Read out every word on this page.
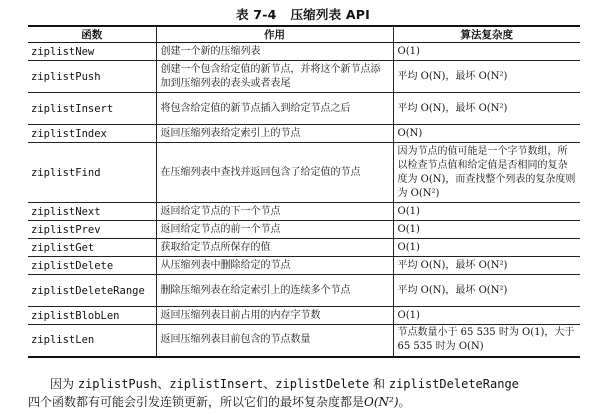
表 7-4 压缩列表 API
函数	作用	算法复杂度
ziplistNew	创建一个新的压缩列表	O(1)
ziplistPush	创建一个包含给定值的新节点，并将这个新节点添加到压缩列表的表头或者表尾	平均 O(N)，最坏 O(N²)
ziplistInsert	将包含给定值的新节点插入到给定节点之后	平均 O(N)，最坏 O(N²)
ziplistIndex	返回压缩列表给定索引上的节点	O(N)
ziplistFind	在压缩列表中查找并返回包含了给定值的节点	因为节点的值可能是一个字节数组，所以检查节点值和给定值是否相同的复杂度为 O(N)，而查找整个列表的复杂度则为 O(N²)
ziplistNext	返回给定节点的下一个节点	O(1)
ziplistPrev	返回给定节点的前一个节点	O(1)
ziplistGet	获取给定节点所保存的值	O(1)
ziplistDelete	从压缩列表中删除给定的节点	平均 O(N)，最坏 O(N²)
ziplistDeleteRange	删除压缩列表在给定索引上的连续多个节点	平均 O(N)，最坏 O(N²)
ziplistBlobLen	返回压缩列表目前占用的内存字节数	O(1)
ziplistLen	返回压缩列表目前包含的节点数量	节点数量小于 65 535 时为 O(1)，大于 65 535 时为 O(N)
因为 ziplistPush、ziplistInsert、ziplistDelete 和 ziplistDeleteRange
四个函数都有可能会引发连锁更新，所以它们的最坏复杂度都是O(N²)。
